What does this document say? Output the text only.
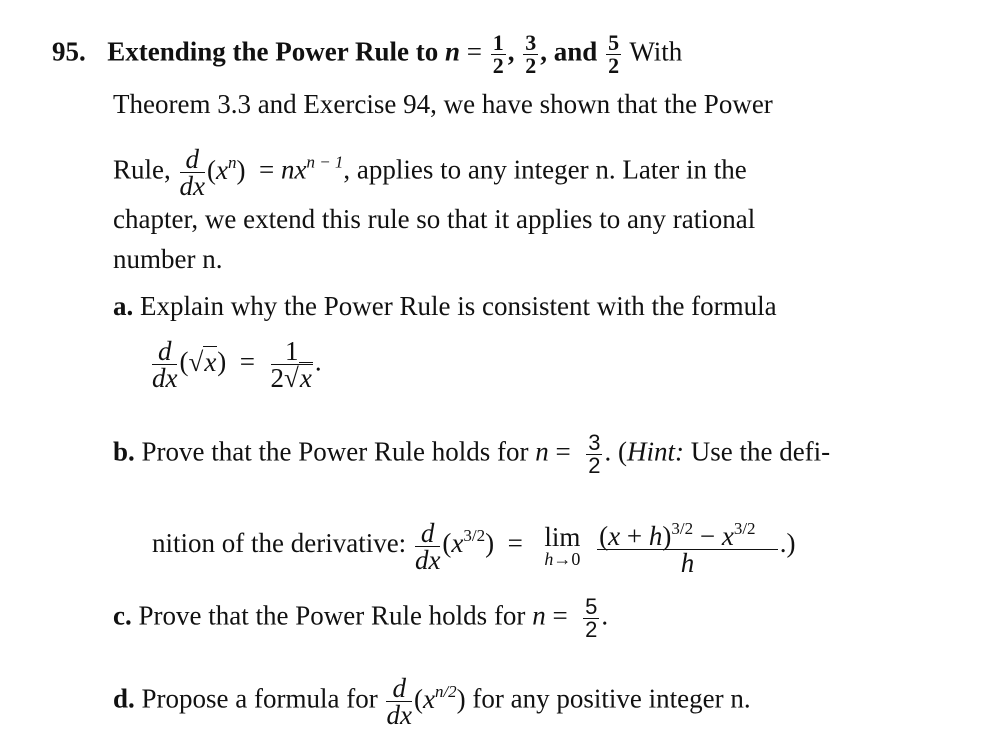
95. Extending the Power Rule to $n = \frac{1}{2}$ , $\frac{3}{2}$ , and $\frac{5}{2}$ With
Theorem 3.3 and Exercise 94, we have shown that the Power
Rule, $\frac{d}{dx} (x^n) = nx^{n - 1}$, applies to any integer n. Later in the
chapter, we extend this rule so that it applies to any rational
number n.
a. Explain why the Power Rule is consistent with the formula
$\frac{d}{dx} (√x) = \frac{1}{2√x}$ .
b. Prove that the Power Rule holds for $n = \frac{3}{2}$ . (Hint: Use the defi-
nition of the derivative: $\frac{d}{dx} (x^{3/2}) = \lim$
h→0
$\frac{(x + h)^{3/2} - x^{3/2}}{h}$ .)
c. Prove that the Power Rule holds for $n = \frac{5}{2}$ .
d. Propose a formula for $\frac{d}{dx} (x^{n/2})$ for any positive integer n.
